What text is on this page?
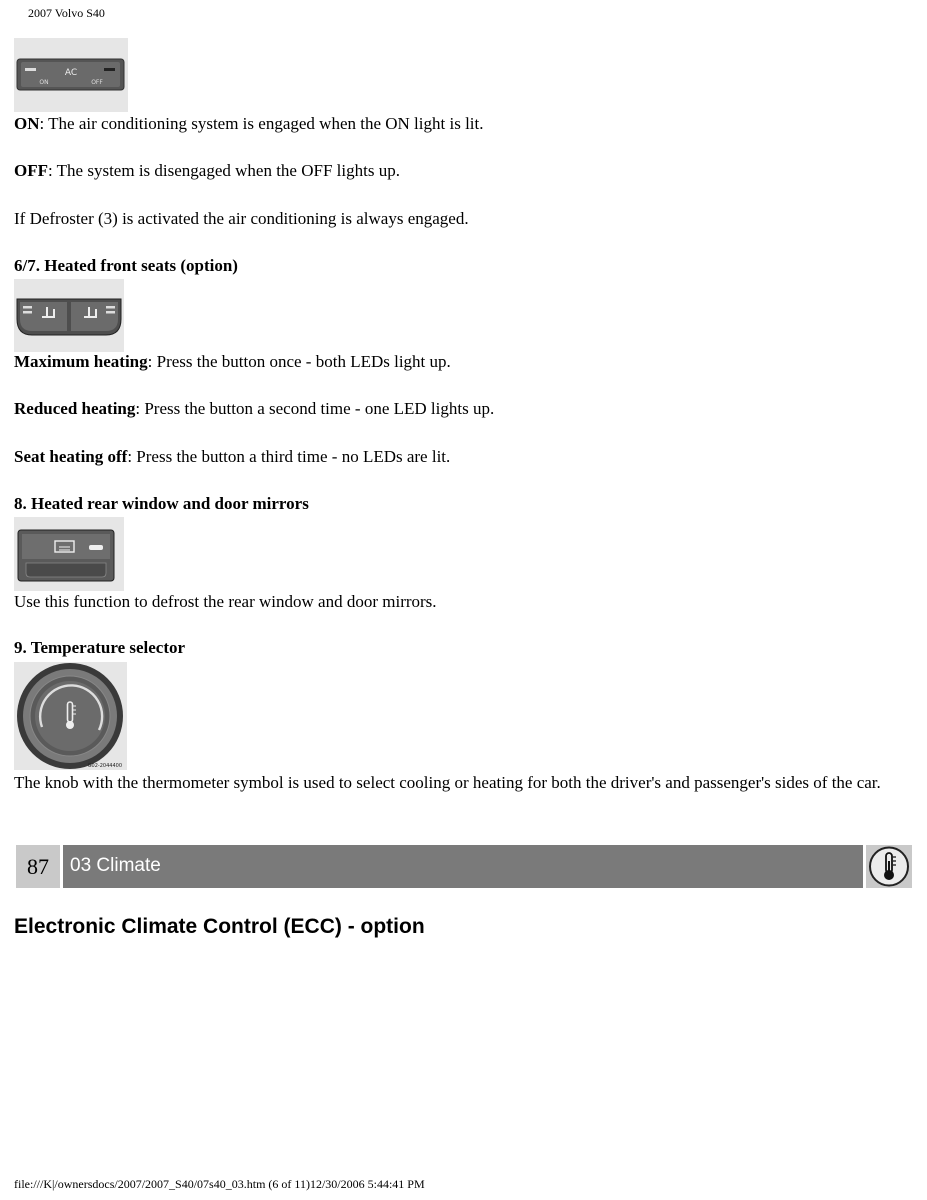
2007 Volvo S40
AC
ON	OFF
ON: The air conditioning system is engaged when the ON light is lit.
OFF: The system is disengaged when the OFF lights up.
If Defroster (3) is activated the air conditioning is always engaged.
6/7. Heated front seats (option)
Maximum heating: Press the button once - both LEDs light up.
Reduced heating: Press the button a second time - one LED lights up.
Seat heating off: Press the button a third time - no LEDs are lit.
8. Heated rear window and door mirrors
Use this function to defrost the rear window and door mirrors.
9. Temperature selector
G02-2044400
The knob with the thermometer symbol is used to select cooling or heating for both the driver's and passenger's sides of the car.
87	03 Climate
Electronic Climate Control (ECC) - option
file:///K|/ownersdocs/2007/2007_S40/07s40_03.htm (6 of 11)12/30/2006 5:44:41 PM
